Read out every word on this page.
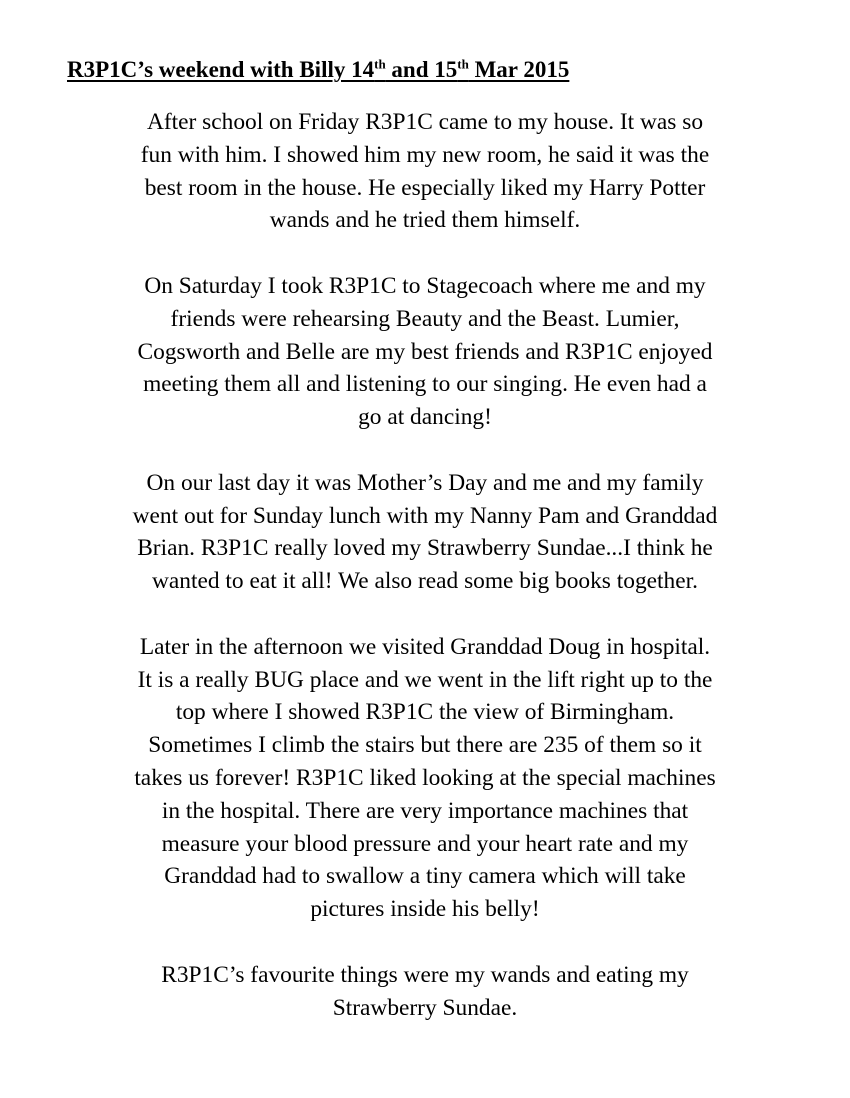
R3P1C’s weekend with Billy 14th and 15th Mar 2015

After school on Friday R3P1C came to my house. It was so
fun with him. I showed him my new room, he said it was the
best room in the house. He especially liked my Harry Potter
wands and he tried them himself.

On Saturday I took R3P1C to Stagecoach where me and my
friends were rehearsing Beauty and the Beast. Lumier,
Cogsworth and Belle are my best friends and R3P1C enjoyed
meeting them all and listening to our singing. He even had a
go at dancing!

On our last day it was Mother’s Day and me and my family
went out for Sunday lunch with my Nanny Pam and Granddad
Brian. R3P1C really loved my Strawberry Sundae...I think he
wanted to eat it all! We also read some big books together.

Later in the afternoon we visited Granddad Doug in hospital.
It is a really BUG place and we went in the lift right up to the
top where I showed R3P1C the view of Birmingham.
Sometimes I climb the stairs but there are 235 of them so it
takes us forever! R3P1C liked looking at the special machines
in the hospital. There are very importance machines that
measure your blood pressure and your heart rate and my
Granddad had to swallow a tiny camera which will take
pictures inside his belly!

R3P1C’s favourite things were my wands and eating my
Strawberry Sundae.
